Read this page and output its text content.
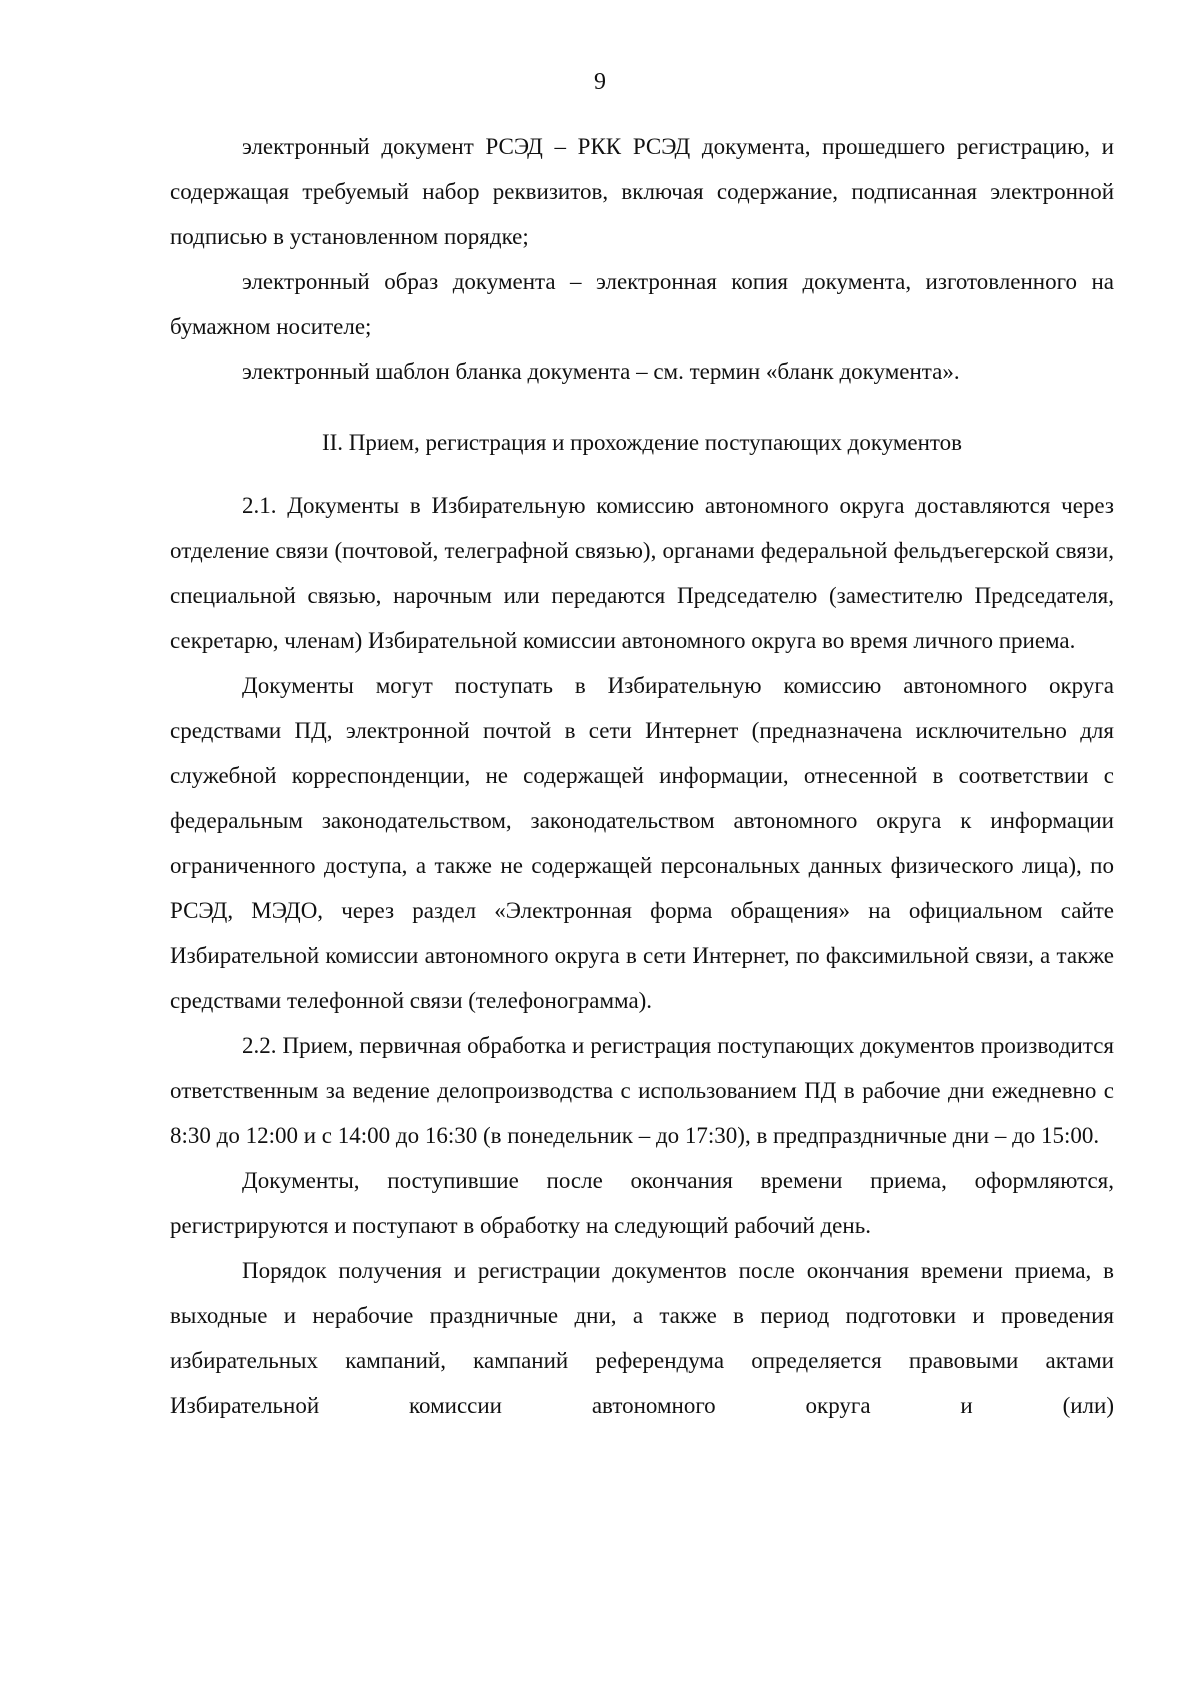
9

электронный документ РСЭД – РКК РСЭД документа, прошедшего регистрацию, и содержащая требуемый набор реквизитов, включая содержание, подписанная электронной подписью в установленном порядке;

электронный образ документа – электронная копия документа, изготовленного на бумажном носителе;

электронный шаблон бланка документа – см. термин «бланк документа».

II. Прием, регистрация и прохождение поступающих документов

2.1. Документы в Избирательную комиссию автономного округа доставляются через отделение связи (почтовой, телеграфной связью), органами федеральной фельдъегерской связи, специальной связью, нарочным или передаются Председателю (заместителю Председателя, секретарю, членам) Избирательной комиссии автономного округа во время личного приема.

Документы могут поступать в Избирательную комиссию автономного округа средствами ПД, электронной почтой в сети Интернет (предназначена исключительно для служебной корреспонденции, не содержащей информации, отнесенной в соответствии с федеральным законодательством, законодательством автономного округа к информации ограниченного доступа, а также не содержащей персональных данных физического лица), по РСЭД, МЭДО, через раздел «Электронная форма обращения» на официальном сайте Избирательной комиссии автономного округа в сети Интернет, по факсимильной связи, а также средствами телефонной связи (телефонограмма).

2.2. Прием, первичная обработка и регистрация поступающих документов производится ответственным за ведение делопроизводства с использованием ПД в рабочие дни ежедневно с 8:30 до 12:00 и с 14:00 до 16:30 (в понедельник – до 17:30), в предпраздничные дни – до 15:00.

Документы, поступившие после окончания времени приема, оформляются, регистрируются и поступают в обработку на следующий рабочий день.

Порядок получения и регистрации документов после окончания времени приема, в выходные и нерабочие праздничные дни, а также в период подготовки и проведения избирательных кампаний, кампаний референдума определяется правовыми актами Избирательной комиссии автономного округа и (или)
